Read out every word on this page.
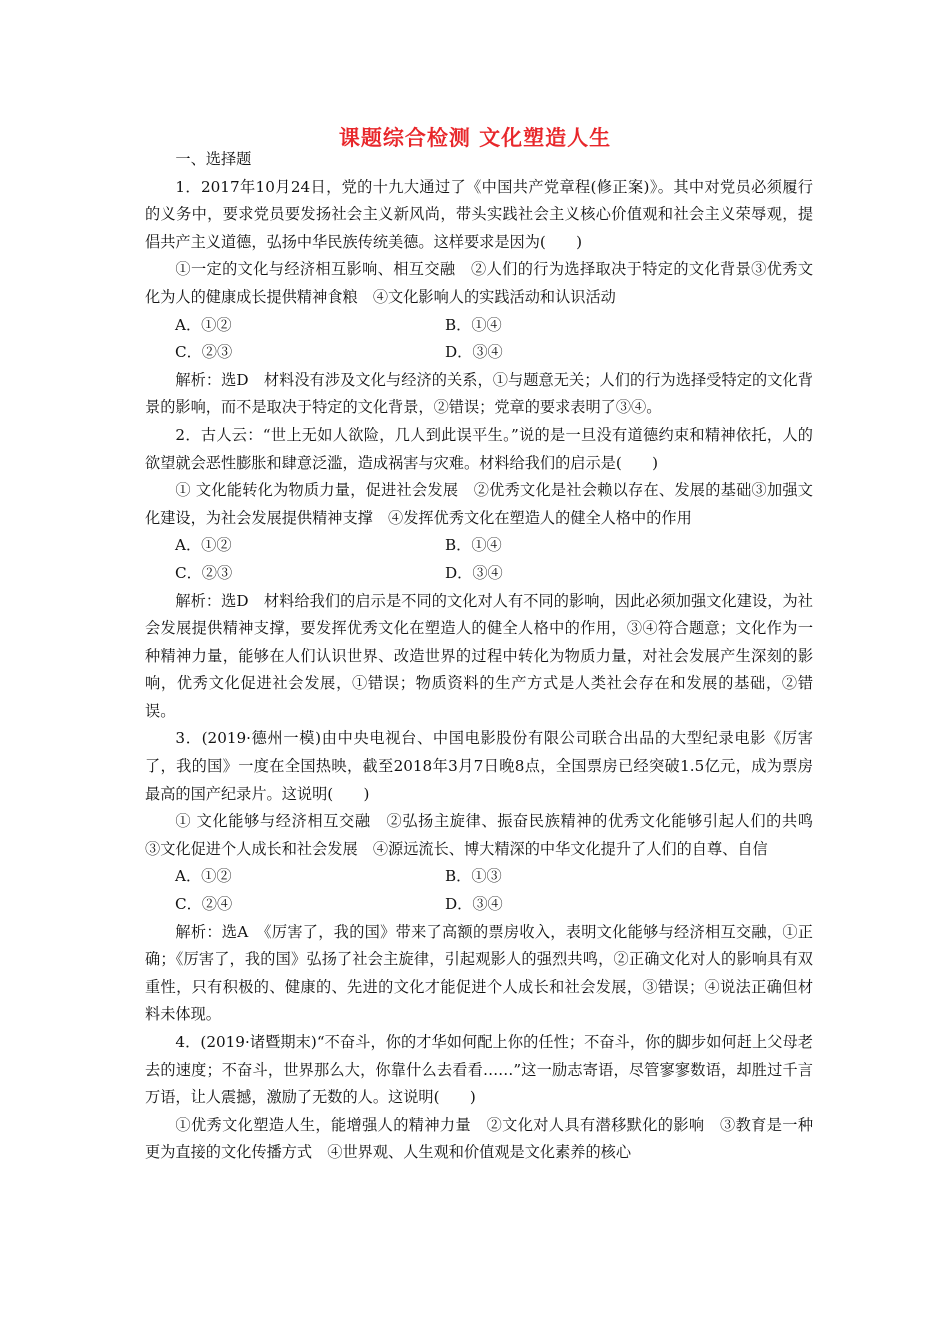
课题综合检测 文化塑造人生

一、选择题

1．2017年10月24日，党的十九大通过了《中国共产党章程(修正案)》。其中对党员必须履行的义务中，要求党员要发扬社会主义新风尚，带头实践社会主义核心价值观和社会主义荣辱观，提倡共产主义道德，弘扬中华民族传统美德。这样要求是因为(　　)

①一定的文化与经济相互影响、相互交融　②人们的行为选择取决于特定的文化背景③优秀文化为人的健康成长提供精神食粮　④文化影响人的实践活动和认识活动

A．①②	B．①④
C．②③	D．③④

解析：选D　材料没有涉及文化与经济的关系，①与题意无关；人们的行为选择受特定的文化背景的影响，而不是取决于特定的文化背景，②错误；党章的要求表明了③④。

2．古人云：“世上无如人欲险，几人到此误平生。”说的是一旦没有道德约束和精神依托，人的欲望就会恶性膨胀和肆意泛滥，造成祸害与灾难。材料给我们的启示是(　　)

① 文化能转化为物质力量，促进社会发展　②优秀文化是社会赖以存在、发展的基础③加强文化建设，为社会发展提供精神支撑　④发挥优秀文化在塑造人的健全人格中的作用

A．①②	B．①④
C．②③	D．③④

解析：选D　材料给我们的启示是不同的文化对人有不同的影响，因此必须加强文化建设，为社会发展提供精神支撑，要发挥优秀文化在塑造人的健全人格中的作用，③④符合题意；文化作为一种精神力量，能够在人们认识世界、改造世界的过程中转化为物质力量，对社会发展产生深刻的影响，优秀文化促进社会发展，①错误；物质资料的生产方式是人类社会存在和发展的基础，②错误。

3．(2019·德州一模)由中央电视台、中国电影股份有限公司联合出品的大型纪录电影《厉害了，我的国》一度在全国热映，截至2018年3月7日晚8点，全国票房已经突破1.5亿元，成为票房最高的国产纪录片。这说明(　　)

① 文化能够与经济相互交融　②弘扬主旋律、振奋民族精神的优秀文化能够引起人们的共鸣　③文化促进个人成长和社会发展　④源远流长、博大精深的中华文化提升了人们的自尊、自信

A．①②	B．①③
C．②④	D．③④

解析：选A　《厉害了，我的国》带来了高额的票房收入，表明文化能够与经济相互交融，①正确；《厉害了，我的国》弘扬了社会主旋律，引起观影人的强烈共鸣，②正确文化对人的影响具有双重性，只有积极的、健康的、先进的文化才能促进个人成长和社会发展，③错误；④说法正确但材料未体现。

4．(2019·诸暨期末)“不奋斗，你的才华如何配上你的任性；不奋斗，你的脚步如何赶上父母老去的速度；不奋斗，世界那么大，你靠什么去看看……”这一励志寄语，尽管寥寥数语，却胜过千言万语，让人震撼，激励了无数的人。这说明(　　)

①优秀文化塑造人生，能增强人的精神力量　②文化对人具有潜移默化的影响　③教育是一种更为直接的文化传播方式　④世界观、人生观和价值观是文化素养的核心
